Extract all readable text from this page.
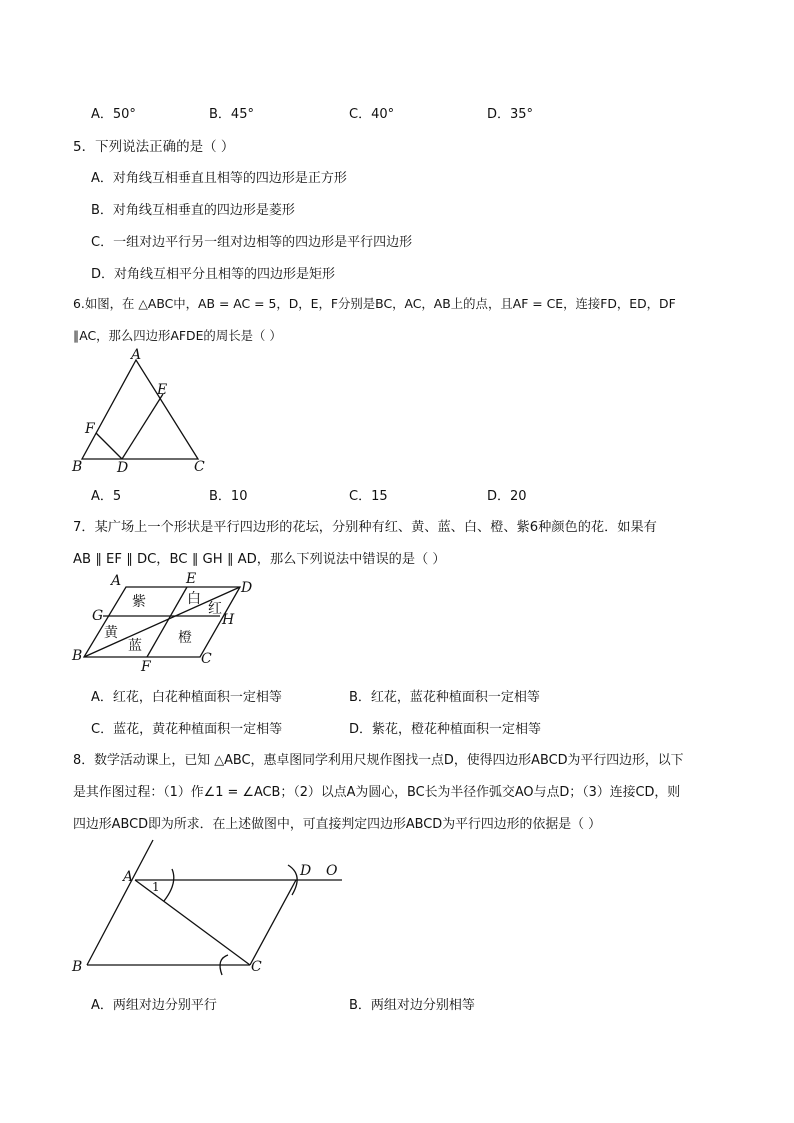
A．50°	B．45°	C．40°	D．35°
5．下列说法正确的是（ ）
A．对角线互相垂直且相等的四边形是正方形
B．对角线互相垂直的四边形是菱形
C．一组对边平行另一组对边相等的四边形是平行四边形
D．对角线互相平分且相等的四边形是矩形
6.如图，在 △ABC中，AB = AC = 5，D，E，F分别是BC，AC，AB上的点，且AF = CE，连接FD，ED，DF
∥AC，那么四边形AFDE的周长是（ ）
A
E
F
B D	C
A．5	B．10	C．15	D．20
7．某广场上一个形状是平行四边形的花坛，分别种有红、黄、蓝、白、橙、紫6种颜色的花．如果有
AB ∥ EF ∥ DC，BC ∥ GH ∥ AD，那么下列说法中错误的是（ ）
A	E
D
G	H
B	C
F
紫	白
红
黄
蓝	橙
A．红花，白花种植面积一定相等	B．红花，蓝花种植面积一定相等
C．蓝花，黄花种植面积一定相等	D．紫花，橙花种植面积一定相等
8．数学活动课上，已知 △ABC，惠卓图同学利用尺规作图找一点D，使得四边形ABCD为平行四边形，以下
是其作图过程：（1）作∠1 = ∠ACB；（2）以点A为圆心，BC长为半径作弧交AO与点D；（3）连接CD，则
四边形ABCD即为所求．在上述做图中，可直接判定四边形ABCD为平行四边形的依据是（ ）
A
1
D O
B	C
A．两组对边分别平行	B．两组对边分别相等
